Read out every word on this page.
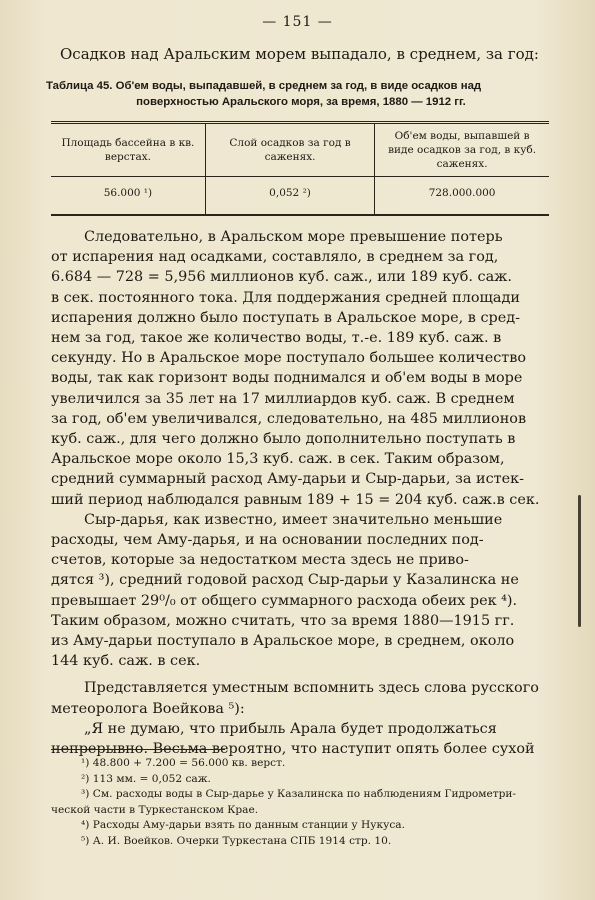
— 151 —
Осадков над Аральским морем выпадало, в среднем, за год:
Таблица 45. Об'ем воды, выпадавшей, в среднем за год, в виде осадков над
поверхностью Аральского моря, за время, 1880 — 1912 гг.
Площадь бассейна в кв. верстах.	Слой осадков за год в саженях.	Об'ем воды, выпавшей в виде осадков за год, в куб. саженях.
56.000 ¹)	0,052 ²)	728.000.000
Следовательно, в Аральском море превышение потерь
от испарения над осадками, составляло, в среднем за год,
6.684 — 728 = 5,956 миллионов куб. саж., или 189 куб. саж.
в сек. постоянного тока. Для поддержания средней площади
испарения должно было поступать в Аральское море, в сред-
нем за год, такое же количество воды, т.-е. 189 куб. саж. в
секунду. Но в Аральское море поступало большее количество
воды, так как горизонт воды поднимался и об'ем воды в море
увеличился за 35 лет на 17 миллиардов куб. саж. В среднем
за год, об'ем увеличивался, следовательно, на 485 миллионов
куб. саж., для чего должно было дополнительно поступать в
Аральское море около 15,3 куб. саж. в сек. Таким образом,
средний суммарный расход Аму-дарьи и Сыр-дарьи, за истек-
ший период наблюдался равным 189 + 15 = 204 куб. саж.в сек.
Сыр-дарья, как известно, имеет значительно меньшие
расходы, чем Аму-дарья, и на основании последних под-
счетов, которые за недостатком места здесь не приво-
дятся ³), средний годовой расход Сыр-дарьи у Казалинска не
превышает 29⁰/₀ от общего суммарного расхода обеих рек ⁴).
Таким образом, можно считать, что за время 1880—1915 гг.
из Аму-дарьи поступало в Аральское море, в среднем, около
144 куб. саж. в сек.
Представляется уместным вспомнить здесь слова русского
метеоролога Воейкова ⁵):
„Я не думаю, что прибыль Арала будет продолжаться
непрерывно. Весьма вероятно, что наступит опять более сухой
¹) 48.800 + 7.200 = 56.000 кв. верст.
²) 113 мм. = 0,052 саж.
³) См. расходы воды в Сыр-дарье у Казалинска по наблюдениям Гидрометри-
ческой части в Туркестанском Крае.
⁴) Расходы Аму-дарьи взять по данным станции у Нукуса.
⁵) А. И. Воейков. Очерки Туркестана СПБ 1914 стр. 10.
